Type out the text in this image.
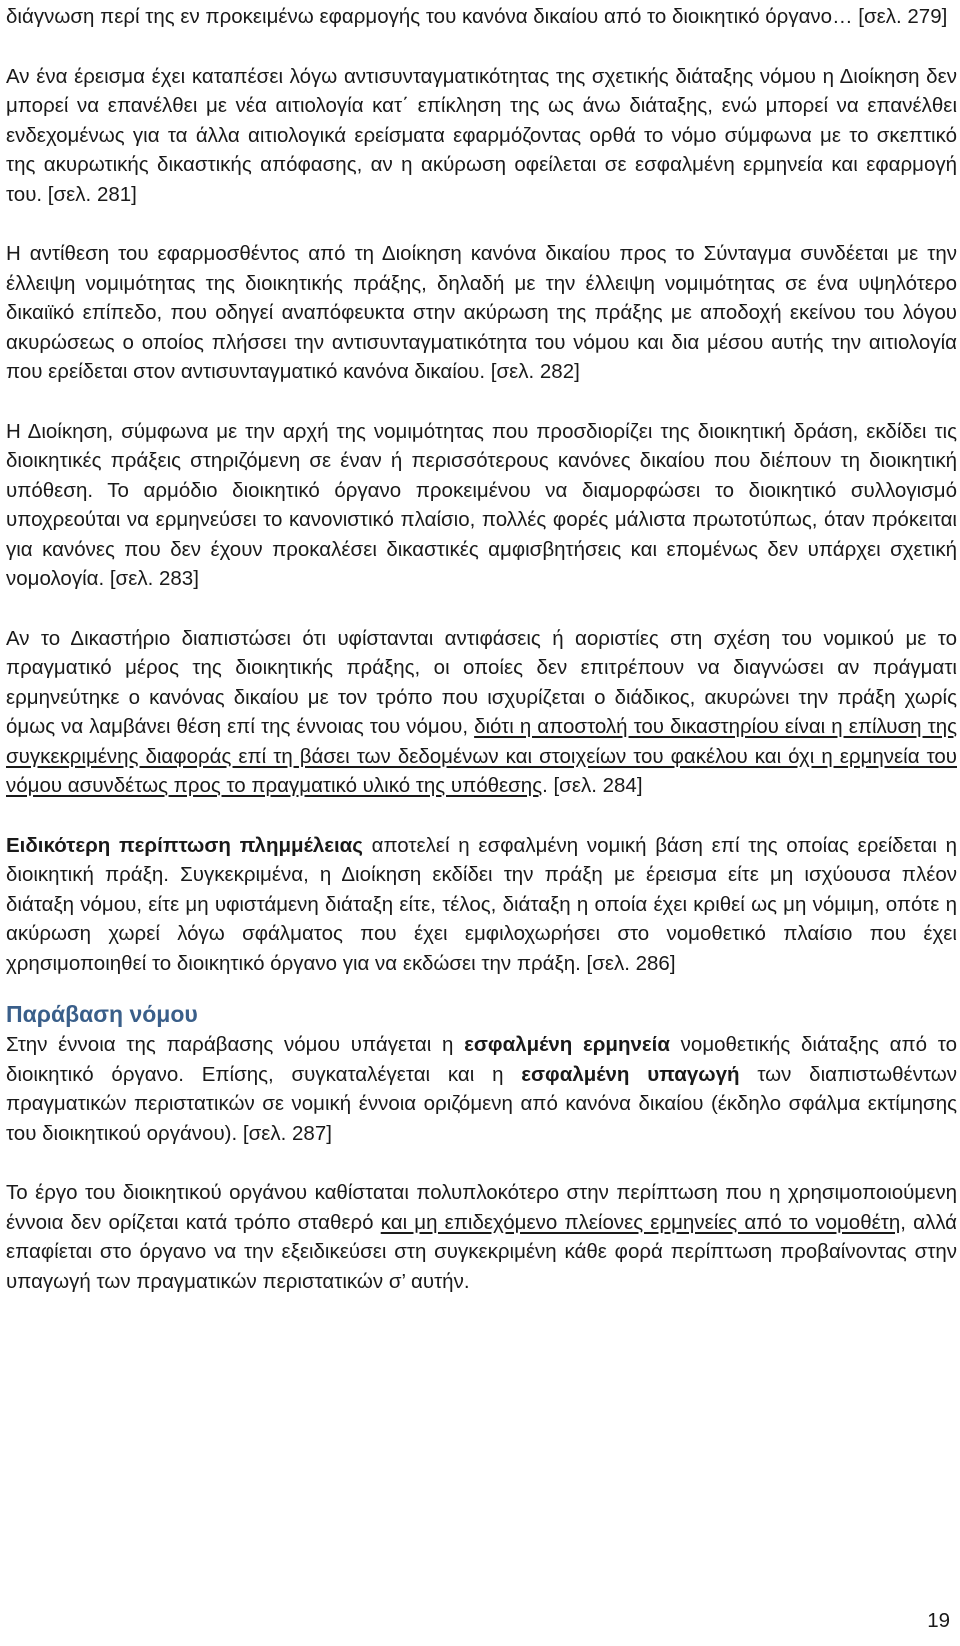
διάγνωση περί της εν προκειμένω εφαρμογής του κανόνα δικαίου από το διοικητικό όργανο… [σελ. 279]

Αν ένα έρεισμα έχει καταπέσει λόγω αντισυνταγματικότητας της σχετικής διάταξης νόμου η Διοίκηση δεν μπορεί να επανέλθει με νέα αιτιολογία κατ΄ επίκληση της ως άνω διάταξης, ενώ μπορεί να επανέλθει ενδεχομένως για τα άλλα αιτιολογικά ερείσματα εφαρμόζοντας ορθά το νόμο σύμφωνα με το σκεπτικό της ακυρωτικής δικαστικής απόφασης, αν η ακύρωση οφείλεται σε εσφαλμένη ερμηνεία και εφαρμογή του. [σελ. 281]

Η αντίθεση του εφαρμοσθέντος από τη Διοίκηση κανόνα δικαίου προς το Σύνταγμα συνδέεται με την έλλειψη νομιμότητας της διοικητικής πράξης, δηλαδή με την έλλειψη νομιμότητας σε ένα υψηλότερο δικαιϊκό επίπεδο, που οδηγεί αναπόφευκτα στην ακύρωση της πράξης με αποδοχή εκείνου του λόγου ακυρώσεως ο οποίος πλήσσει την αντισυνταγματικότητα του νόμου και δια μέσου αυτής την αιτιολογία που ερείδεται στον αντισυνταγματικό κανόνα δικαίου. [σελ. 282]

Η Διοίκηση, σύμφωνα με την αρχή της νομιμότητας που προσδιορίζει της διοικητική δράση, εκδίδει τις διοικητικές πράξεις στηριζόμενη σε έναν ή περισσότερους κανόνες δικαίου που διέπουν τη διοικητική υπόθεση. Το αρμόδιο διοικητικό όργανο προκειμένου να διαμορφώσει το διοικητικό συλλογισμό υποχρεούται να ερμηνεύσει το κανονιστικό πλαίσιο, πολλές φορές μάλιστα πρωτοτύπως, όταν πρόκειται για κανόνες που δεν έχουν προκαλέσει δικαστικές αμφισβητήσεις και επομένως δεν υπάρχει σχετική νομολογία. [σελ. 283]

Αν το Δικαστήριο διαπιστώσει ότι υφίστανται αντιφάσεις ή αοριστίες στη σχέση του νομικού με το πραγματικό μέρος της διοικητικής πράξης, οι οποίες δεν επιτρέπουν να διαγνώσει αν πράγματι ερμηνεύτηκε ο κανόνας δικαίου με τον τρόπο που ισχυρίζεται ο διάδικος, ακυρώνει την πράξη χωρίς όμως να λαμβάνει θέση επί της έννοιας του νόμου, διότι η αποστολή του δικαστηρίου είναι η επίλυση της συγκεκριμένης διαφοράς επί τη βάσει των δεδομένων και στοιχείων του φακέλου και όχι η ερμηνεία του νόμου ασυνδέτως προς το πραγματικό υλικό της υπόθεσης. [σελ. 284]

Ειδικότερη περίπτωση πλημμέλειας αποτελεί η εσφαλμένη νομική βάση επί της οποίας ερείδεται η διοικητική πράξη. Συγκεκριμένα, η Διοίκηση εκδίδει την πράξη με έρεισμα είτε μη ισχύουσα πλέον διάταξη νόμου, είτε μη υφιστάμενη διάταξη είτε, τέλος, διάταξη η οποία έχει κριθεί ως μη νόμιμη, οπότε η ακύρωση χωρεί λόγω σφάλματος που έχει εμφιλοχωρήσει στο νομοθετικό πλαίσιο που έχει χρησιμοποιηθεί το διοικητικό όργανο για να εκδώσει την πράξη. [σελ. 286]

Παράβαση νόμου

Στην έννοια της παράβασης νόμου υπάγεται η εσφαλμένη ερμηνεία νομοθετικής διάταξης από το διοικητικό όργανο. Επίσης, συγκαταλέγεται και η εσφαλμένη υπαγωγή των διαπιστωθέντων πραγματικών περιστατικών σε νομική έννοια οριζόμενη από κανόνα δικαίου (έκδηλο σφάλμα εκτίμησης του διοικητικού οργάνου). [σελ. 287]

Το έργο του διοικητικού οργάνου καθίσταται πολυπλοκότερο στην περίπτωση που η χρησιμοποιούμενη έννοια δεν ορίζεται κατά τρόπο σταθερό και μη επιδεχόμενο πλείονες ερμηνείες από το νομοθέτη, αλλά επαφίεται στο όργανο να την εξειδικεύσει στη συγκεκριμένη κάθε φορά περίπτωση προβαίνοντας στην υπαγωγή των πραγματικών περιστατικών σ’ αυτήν.

19
